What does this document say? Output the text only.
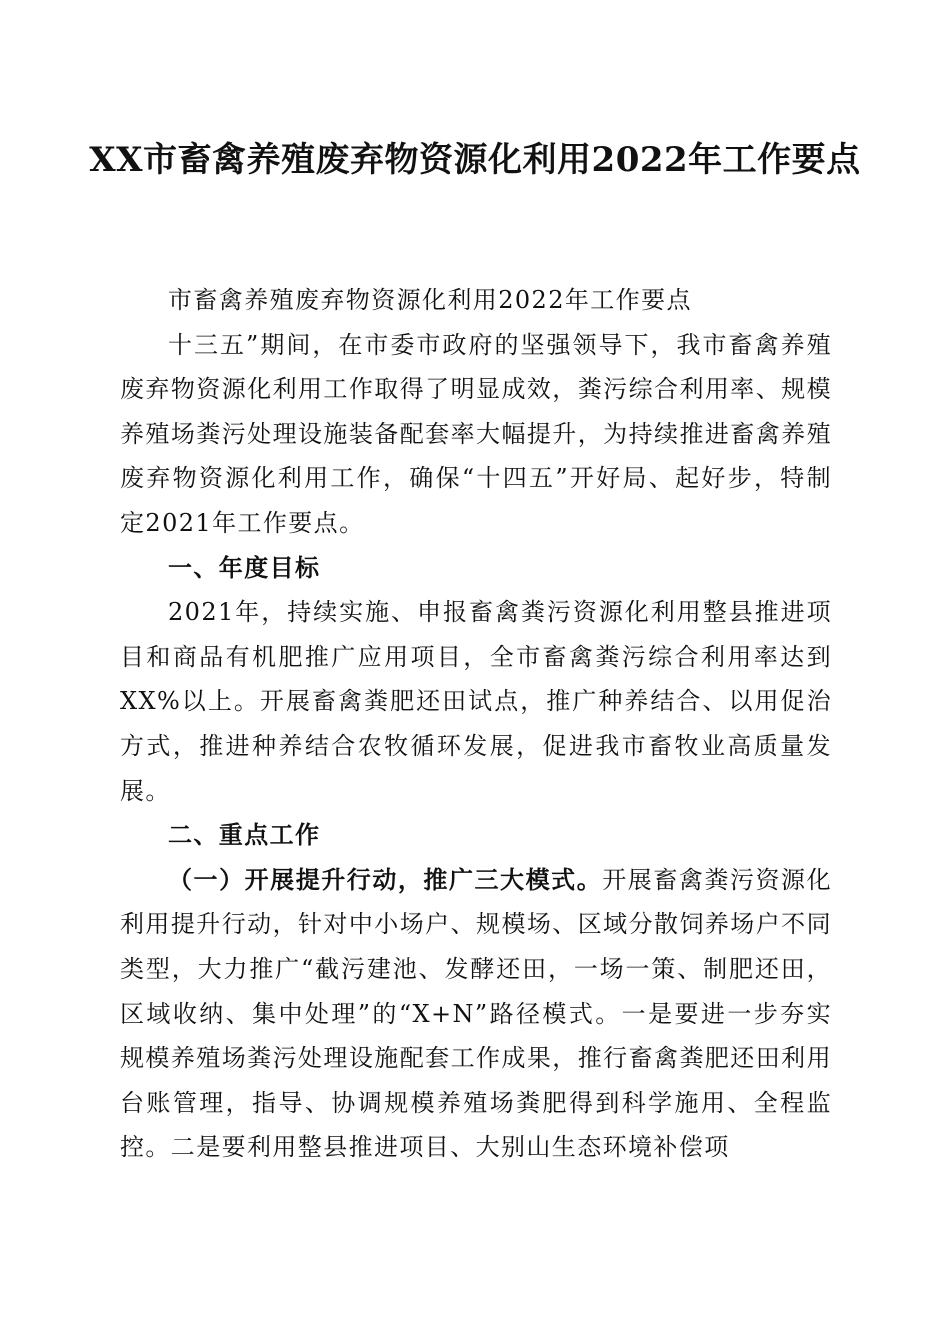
XX市畜禽养殖废弃物资源化利用2022年工作要点

市畜禽养殖废弃物资源化利用2022年工作要点

十三五”期间，在市委市政府的坚强领导下，我市畜禽养殖废弃物资源化利用工作取得了明显成效，粪污综合利用率、规模养殖场粪污处理设施装备配套率大幅提升，为持续推进畜禽养殖废弃物资源化利用工作，确保“十四五”开好局、起好步，特制定2021年工作要点。

一、年度目标

2021年，持续实施、申报畜禽粪污资源化利用整县推进项目和商品有机肥推广应用项目，全市畜禽粪污综合利用率达到XX%以上。开展畜禽粪肥还田试点，推广种养结合、以用促治方式，推进种养结合农牧循环发展，促进我市畜牧业高质量发展。

二、重点工作

（一）开展提升行动，推广三大模式。开展畜禽粪污资源化利用提升行动，针对中小场户、规模场、区域分散饲养场户不同类型，大力推广“截污建池、发酵还田，一场一策、制肥还田，区域收纳、集中处理”的“X+N”路径模式。一是要进一步夯实规模养殖场粪污处理设施配套工作成果，推行畜禽粪肥还田利用台账管理，指导、协调规模养殖场粪肥得到科学施用、全程监控。二是要利用整县推进项目、大别山生态环境补偿项
